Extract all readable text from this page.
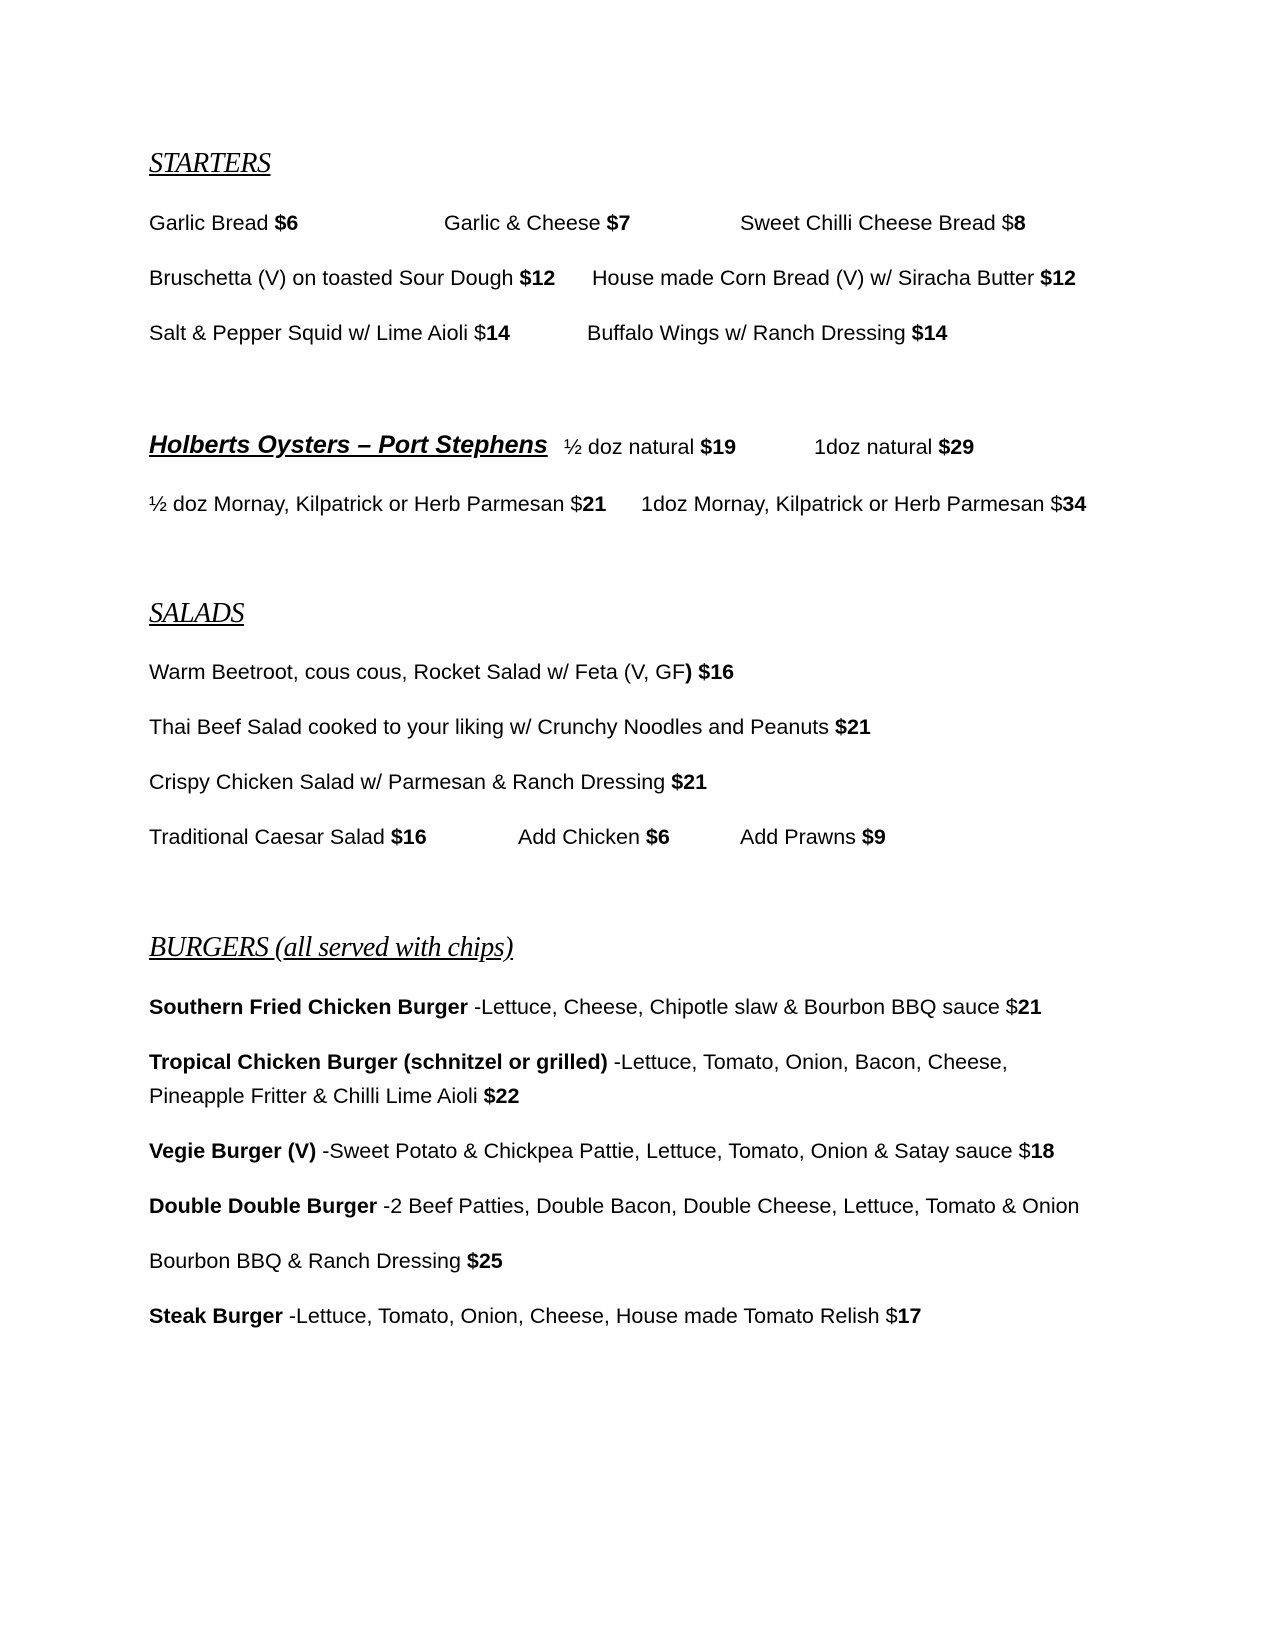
STARTERS
Garlic Bread $6	Garlic & Cheese $7	Sweet Chilli Cheese Bread $8
Bruschetta (V) on toasted Sour Dough $12 House made Corn Bread (V) w/ Siracha Butter $12
Salt & Pepper Squid w/ Lime Aioli $14	Buffalo Wings w/ Ranch Dressing $14
Holberts Oysters – Port Stephens ½ doz natural $19	1doz natural $29
½ doz Mornay, Kilpatrick or Herb Parmesan $21 1doz Mornay, Kilpatrick or Herb Parmesan $34
SALADS
Warm Beetroot, cous cous, Rocket Salad w/ Feta (V, GF) $16
Thai Beef Salad cooked to your liking w/ Crunchy Noodles and Peanuts $21
Crispy Chicken Salad w/ Parmesan & Ranch Dressing $21
Traditional Caesar Salad $16	Add Chicken $6	Add Prawns $9
BURGERS (all served with chips)
Southern Fried Chicken Burger -Lettuce, Cheese, Chipotle slaw & Bourbon BBQ sauce $21
Tropical Chicken Burger (schnitzel or grilled) -Lettuce, Tomato, Onion, Bacon, Cheese,
Pineapple Fritter & Chilli Lime Aioli $22
Vegie Burger (V) -Sweet Potato & Chickpea Pattie, Lettuce, Tomato, Onion & Satay sauce $18
Double Double Burger -2 Beef Patties, Double Bacon, Double Cheese, Lettuce, Tomato & Onion
Bourbon BBQ & Ranch Dressing $25
Steak Burger -Lettuce, Tomato, Onion, Cheese, House made Tomato Relish $17
